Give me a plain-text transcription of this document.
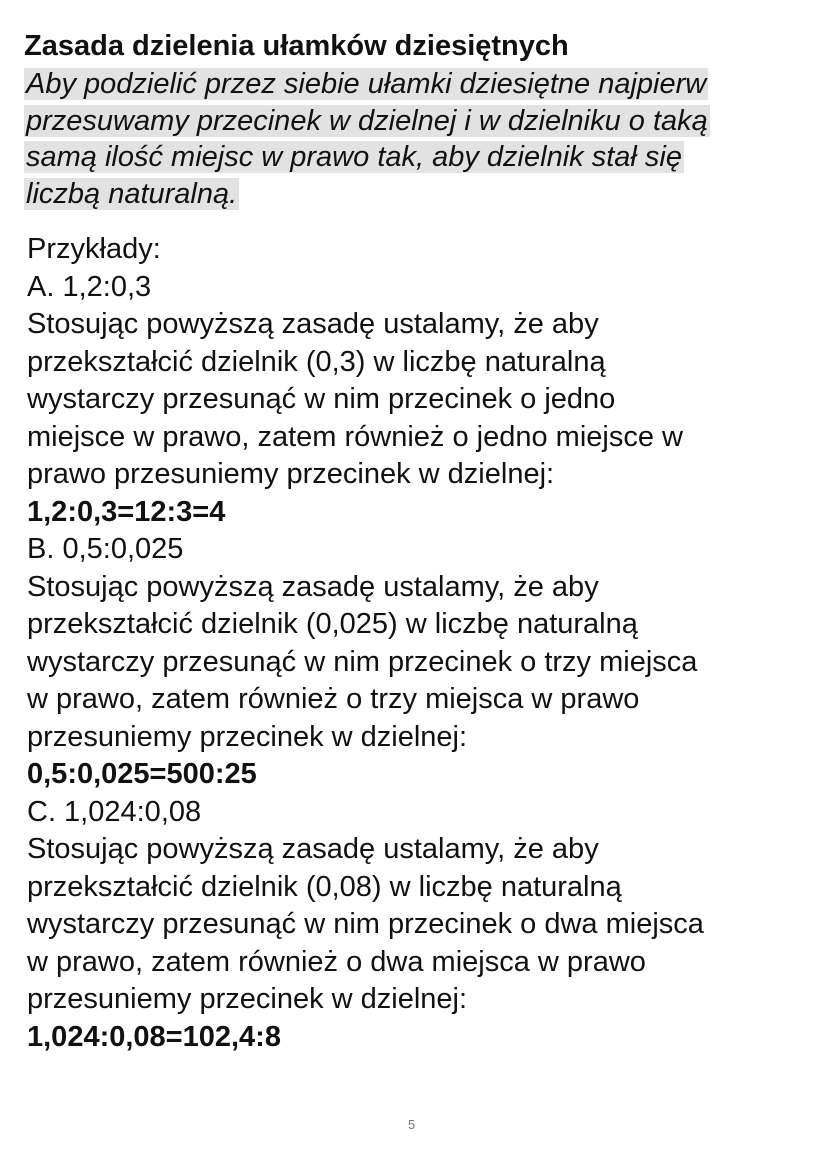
Zasada dzielenia ułamków dziesiętnych

Aby podzielić przez siebie ułamki dziesiętne najpierw
przesuwamy przecinek w dzielnej i w dzielniku o taką
samą ilość miejsc w prawo tak, aby dzielnik stał się
liczbą naturalną.

Przykłady:
A. 1,2:0,3
Stosując powyższą zasadę ustalamy, że aby
przekształcić dzielnik (0,3) w liczbę naturalną
wystarczy przesunąć w nim przecinek o jedno
miejsce w prawo, zatem również o jedno miejsce w
prawo przesuniemy przecinek w dzielnej:
1,2:0,3=12:3=4
B. 0,5:0,025
Stosując powyższą zasadę ustalamy, że aby
przekształcić dzielnik (0,025) w liczbę naturalną
wystarczy przesunąć w nim przecinek o trzy miejsca
w prawo, zatem również o trzy miejsca w prawo
przesuniemy przecinek w dzielnej:
0,5:0,025=500:25
C. 1,024:0,08
Stosując powyższą zasadę ustalamy, że aby
przekształcić dzielnik (0,08) w liczbę naturalną
wystarczy przesunąć w nim przecinek o dwa miejsca
w prawo, zatem również o dwa miejsca w prawo
przesuniemy przecinek w dzielnej:
1,024:0,08=102,4:8
5
